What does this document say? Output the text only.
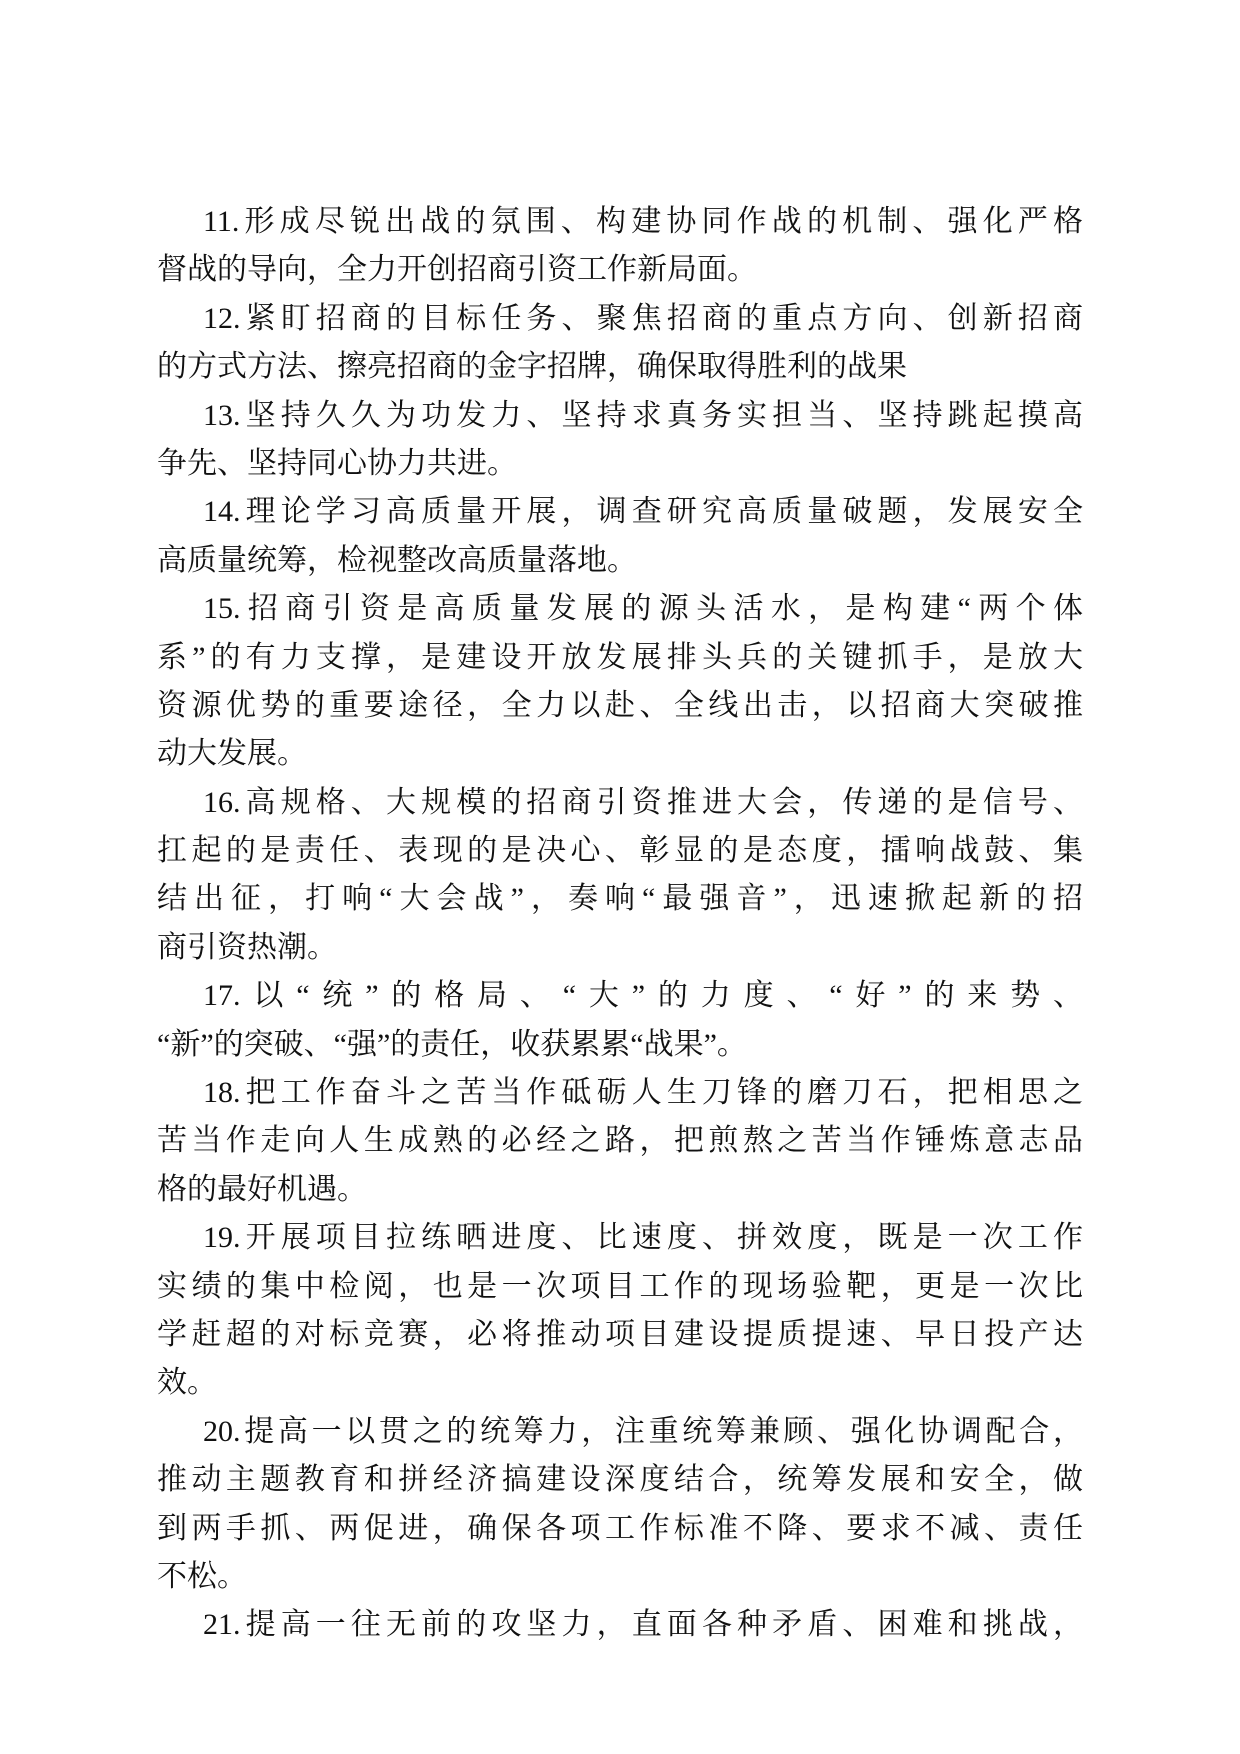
11.形成尽锐出战的氛围、构建协同作战的机制、强化严格
督战的导向，全力开创招商引资工作新局面。
12.紧盯招商的目标任务、聚焦招商的重点方向、创新招商
的方式方法、擦亮招商的金字招牌，确保取得胜利的战果
13.坚持久久为功发力、坚持求真务实担当、坚持跳起摸高
争先、坚持同心协力共进。
14.理论学习高质量开展，调查研究高质量破题，发展安全
高质量统筹，检视整改高质量落地。
15.招商引资是高质量发展的源头活水，是构建“两个体
系”的有力支撑，是建设开放发展排头兵的关键抓手，是放大
资源优势的重要途径，全力以赴、全线出击，以招商大突破推
动大发展。
16.高规格、大规模的招商引资推进大会，传递的是信号、
扛起的是责任、表现的是决心、彰显的是态度，擂响战鼓、集
结出征，打响“大会战”，奏响“最强音”，迅速掀起新的招
商引资热潮。
17.以“统”的格局、“大”的力度、“好”的来势、
“新”的突破、“强”的责任，收获累累“战果”。
18.把工作奋斗之苦当作砥砺人生刀锋的磨刀石，把相思之
苦当作走向人生成熟的必经之路，把煎熬之苦当作锤炼意志品
格的最好机遇。
19.开展项目拉练晒进度、比速度、拼效度，既是一次工作
实绩的集中检阅，也是一次项目工作的现场验靶，更是一次比
学赶超的对标竞赛，必将推动项目建设提质提速、早日投产达
效。
20.提高一以贯之的统筹力，注重统筹兼顾、强化协调配合，
推动主题教育和拼经济搞建设深度结合，统筹发展和安全，做
到两手抓、两促进，确保各项工作标准不降、要求不减、责任
不松。
21.提高一往无前的攻坚力，直面各种矛盾、困难和挑战，
